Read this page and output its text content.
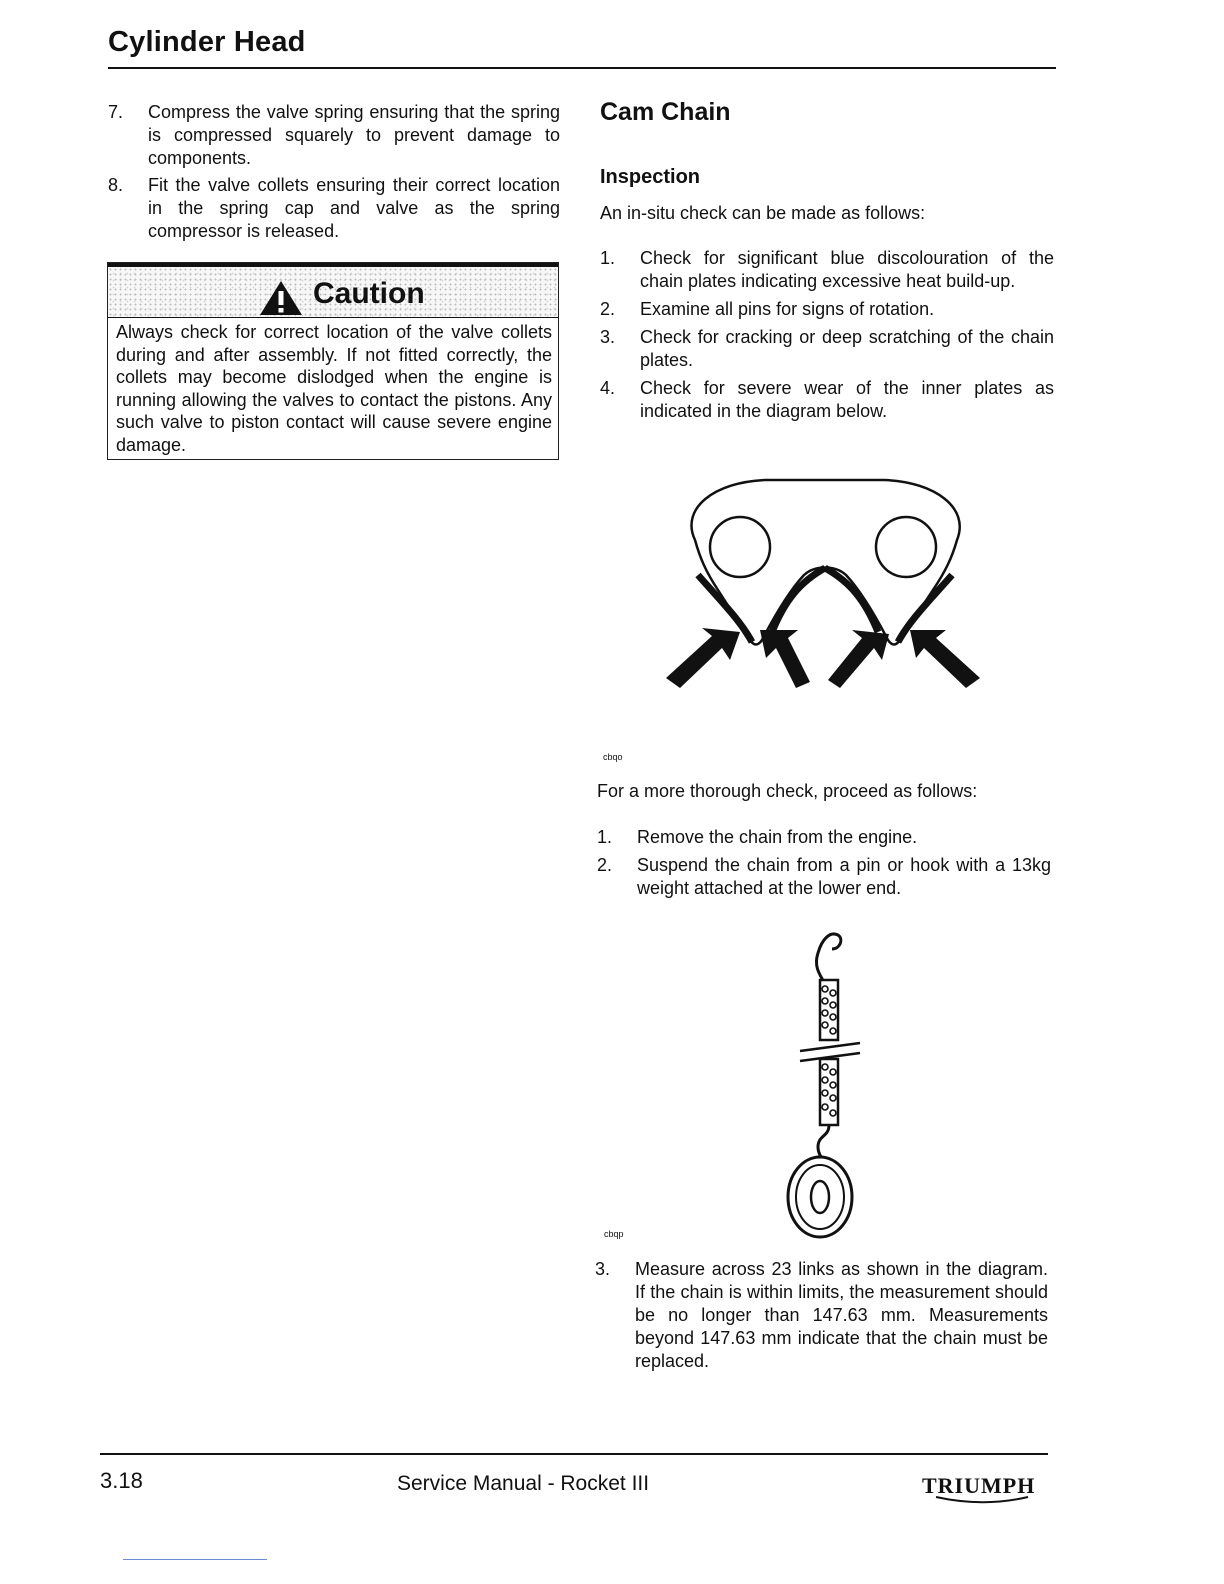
Cylinder Head
7. Compress the valve spring ensuring that the spring is compressed squarely to prevent damage to components.
8. Fit the valve collets ensuring their correct location in the spring cap and valve as the spring compressor is released.
Caution
Always check for correct location of the valve collets during and after assembly. If not fitted correctly, the collets may become dislodged when the engine is running allowing the valves to contact the pistons. Any such valve to piston contact will cause severe engine damage.
Cam Chain
Inspection
An in-situ check can be made as follows:
1. Check for significant blue discolouration of the chain plates indicating excessive heat build-up.
2. Examine all pins for signs of rotation.
3. Check for cracking or deep scratching of the chain plates.
4. Check for severe wear of the inner plates as indicated in the diagram below.
cbqo
For a more thorough check, proceed as follows:
1. Remove the chain from the engine.
2. Suspend the chain from a pin or hook with a 13kg weight attached at the lower end.
cbqp
3. Measure across 23 links as shown in the diagram. If the chain is within limits, the measurement should be no longer than 147.63 mm. Measurements beyond 147.63 mm indicate that the chain must be replaced.
3.18	Service Manual - Rocket III	TRIUMPH
